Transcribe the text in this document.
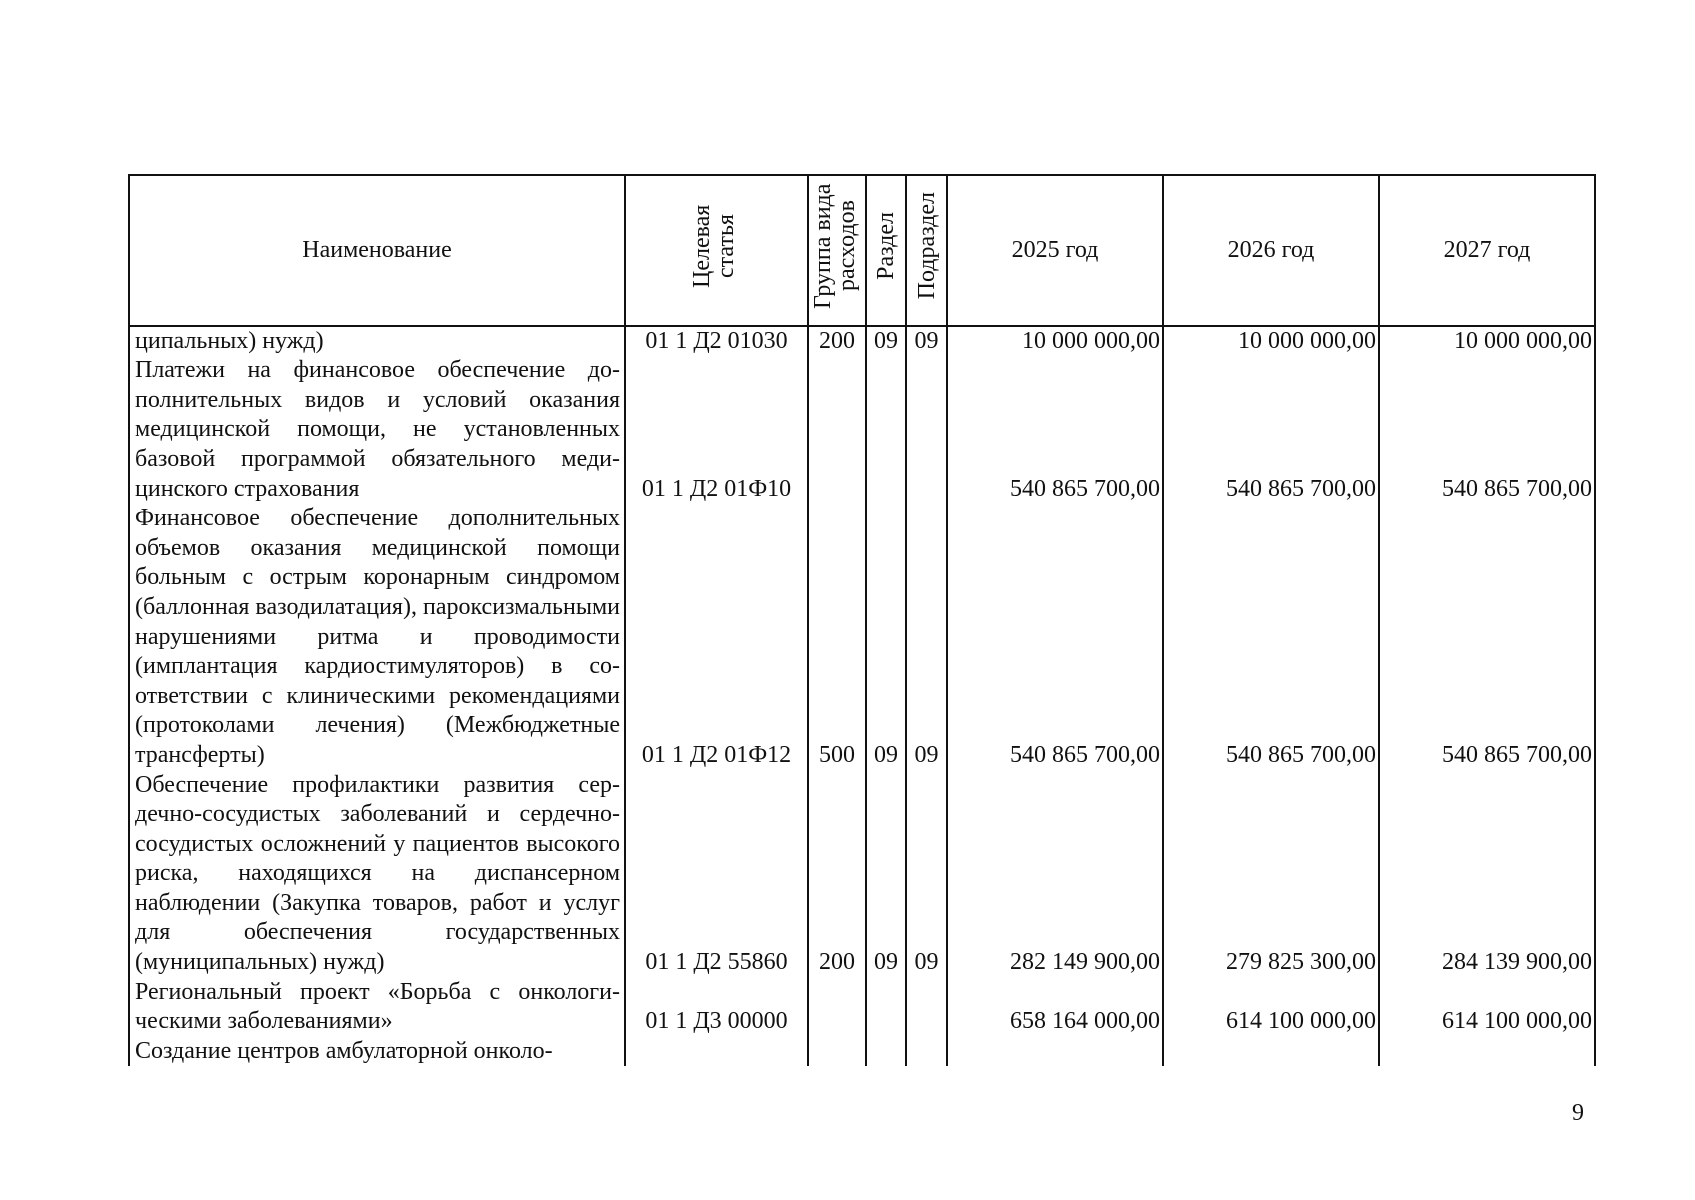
Наименование	Целевая статья	Группа вида расходов	Раздел	Подраздел	2025 год	2026 год	2027 год
ципальных) нужд)	01 1 Д2 01030	200	09	09	10 000 000,00	10 000 000,00	10 000 000,00
Платежи на финансовое обеспечение дополнительных видов и условий оказания медицинской помощи, не установленных базовой программой обязательного медицинского страхования	01 1 Д2 01Ф10				540 865 700,00	540 865 700,00	540 865 700,00
Финансовое обеспечение дополнительных объемов оказания медицинской помощи больным с острым коронарным синдромом (баллонная вазодилатация), пароксизмальными нарушениями ритма и проводимости (имплантация кардиостимуляторов) в соответствии с клиническими рекомендациями (протоколами лечения) (Межбюджетные трансферты)	01 1 Д2 01Ф12	500	09	09	540 865 700,00	540 865 700,00	540 865 700,00
Обеспечение профилактики развития сердечно-сосудистых заболеваний и сердечно-сосудистых осложнений у пациентов высокого риска, находящихся на диспансерном наблюдении (Закупка товаров, работ и услуг для обеспечения государственных (муниципальных) нужд)	01 1 Д2 55860	200	09	09	282 149 900,00	279 825 300,00	284 139 900,00
Региональный проект «Борьба с онкологическими заболеваниями»	01 1 Д3 00000				658 164 000,00	614 100 000,00	614 100 000,00
Создание центров амбулаторной онколо-							
9
